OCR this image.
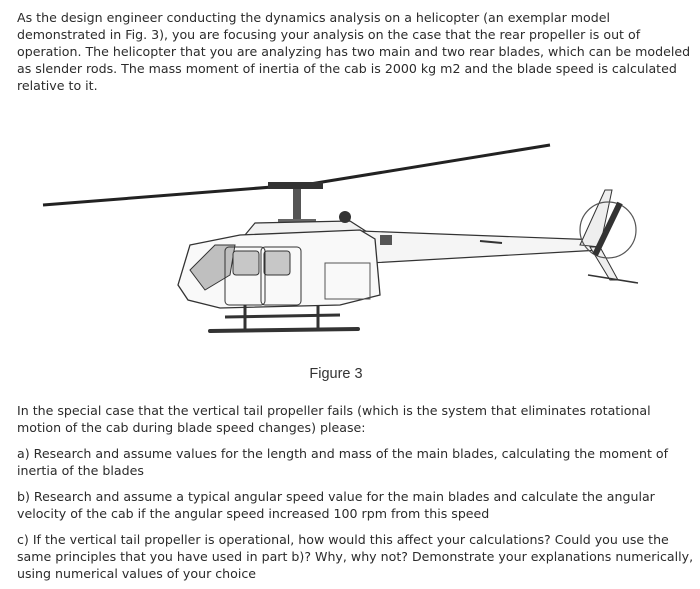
As the design engineer conducting the dynamics analysis on a helicopter (an exemplar model demonstrated in Fig. 3), you are focusing your analysis on the case that the rear propeller is out of operation. The helicopter that you are analyzing has two main and two rear blades, which can be modeled as slender rods. The mass moment of inertia of the cab is 2000 kg m2 and the blade speed is calculated relative to it.

Figure 3

In the special case that the vertical tail propeller fails (which is the system that eliminates rotational motion of the cab during blade speed changes) please:

a) Research and assume values for the length and mass of the main blades, calculating the moment of inertia of the blades

b) Research and assume a typical angular speed value for the main blades and calculate the angular velocity of the cab if the angular speed increased 100 rpm from this speed

c) If the vertical tail propeller is operational, how would this affect your calculations? Could you use the same principles that you have used in part b)? Why, why not? Demonstrate your explanations numerically, using numerical values of your choice
